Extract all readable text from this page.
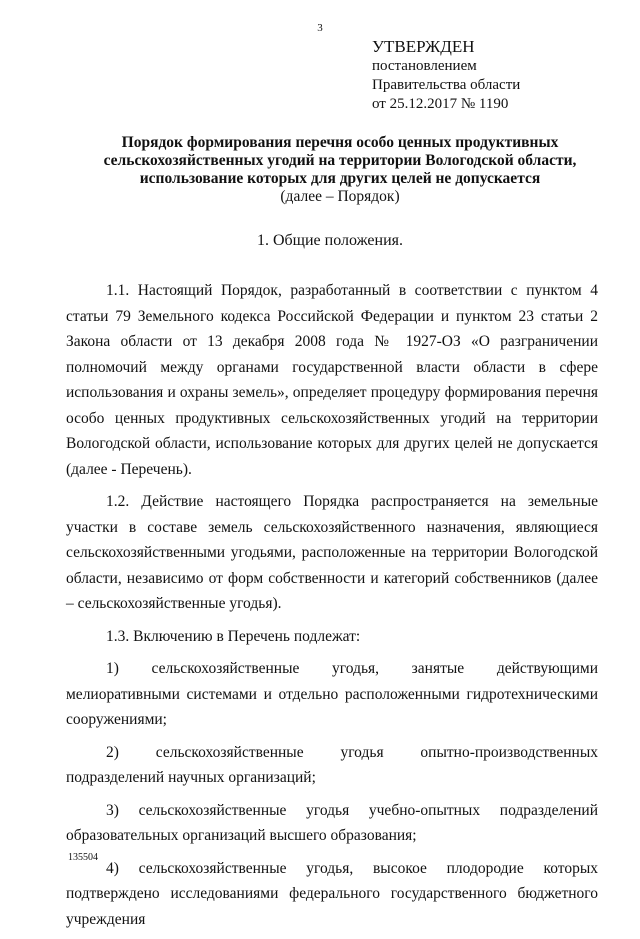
3
УТВЕРЖДЕН
постановлением
Правительства области
от 25.12.2017 № 1190
Порядок формирования перечня особо ценных продуктивных
сельскохозяйственных угодий на территории Вологодской области,
использование которых для других целей не допускается
(далее – Порядок)
1. Общие положения.

1.1. Настоящий Порядок, разработанный в соответствии с пунктом 4 статьи 79 Земельного кодекса Российской Федерации и пунктом 23 статьи 2 Закона области от 13 декабря 2008 года № 1927-ОЗ «О разграничении полномочий между органами государственной власти области в сфере использования и охраны земель», определяет процедуру формирования перечня особо ценных продуктивных сельскохозяйственных угодий на территории Вологодской области, использование которых для других целей не допускается (далее - Перечень).

1.2. Действие настоящего Порядка распространяется на земельные участки в составе земель сельскохозяйственного назначения, являющиеся сельскохозяйственными угодьями, расположенные на территории Вологодской области, независимо от форм собственности и категорий собственников (далее – сельскохозяйственные угодья).

1.3. Включению в Перечень подлежат:

1) сельскохозяйственные угодья, занятые действующими мелиоративными системами и отдельно расположенными гидротехническими сооружениями;

2) сельскохозяйственные угодья опытно-производственных подразделений научных организаций;

3) сельскохозяйственные угодья учебно-опытных подразделений образовательных организаций высшего образования;

4) сельскохозяйственные угодья, высокое плодородие которых подтверждено исследованиями федерального государственного бюджетного учреждения

135504
